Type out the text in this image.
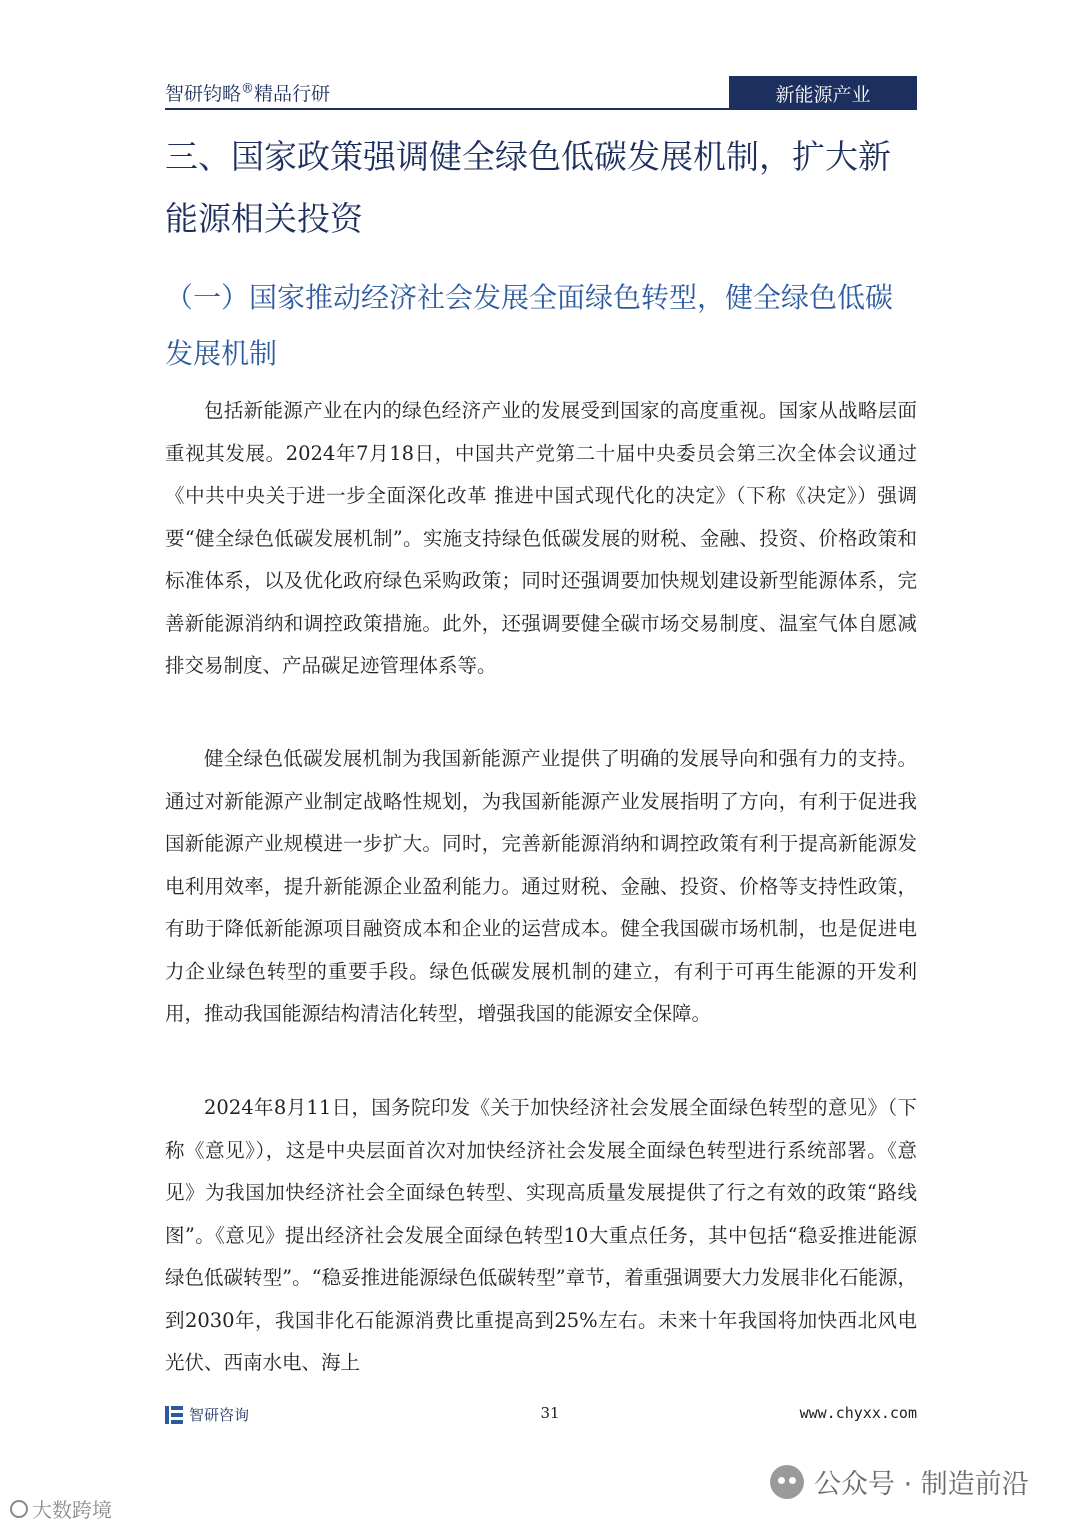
智研钧略®精品行研	新能源产业
三、国家政策强调健全绿色低碳发展机制，扩大新能源相关投资
（一）国家推动经济社会发展全面绿色转型，健全绿色低碳发展机制

包括新能源产业在内的绿色经济产业的发展受到国家的高度重视。国家从战略层面重视其发展。2024年7月18日，中国共产党第二十届中央委员会第三次全体会议通过《中共中央关于进一步全面深化改革 推进中国式现代化的决定》（下称《决定》）强调要“健全绿色低碳发展机制”。实施支持绿色低碳发展的财税、金融、投资、价格政策和标准体系，以及优化政府绿色采购政策；同时还强调要加快规划建设新型能源体系，完善新能源消纳和调控政策措施。此外，还强调要健全碳市场交易制度、温室气体自愿减排交易制度、产品碳足迹管理体系等。

健全绿色低碳发展机制为我国新能源产业提供了明确的发展导向和强有力的支持。通过对新能源产业制定战略性规划，为我国新能源产业发展指明了方向，有利于促进我国新能源产业规模进一步扩大。同时，完善新能源消纳和调控政策有利于提高新能源发电利用效率，提升新能源企业盈利能力。通过财税、金融、投资、价格等支持性政策，有助于降低新能源项目融资成本和企业的运营成本。健全我国碳市场机制，也是促进电力企业绿色转型的重要手段。绿色低碳发展机制的建立，有利于可再生能源的开发利用，推动我国能源结构清洁化转型，增强我国的能源安全保障。

2024年8月11日，国务院印发《关于加快经济社会发展全面绿色转型的意见》（下称《意见》），这是中央层面首次对加快经济社会发展全面绿色转型进行系统部署。《意见》为我国加快经济社会全面绿色转型、实现高质量发展提供了行之有效的政策“路线图”。《意见》提出经济社会发展全面绿色转型10大重点任务，其中包括“稳妥推进能源绿色低碳转型”。“稳妥推进能源绿色低碳转型”章节，着重强调要大力发展非化石能源，到2030年，我国非化石能源消费比重提高到25%左右。未来十年我国将加快西北风电光伏、西南水电、海上

智研咨询	31	www.chyxx.com
公众号 · 制造前沿
大数跨境
